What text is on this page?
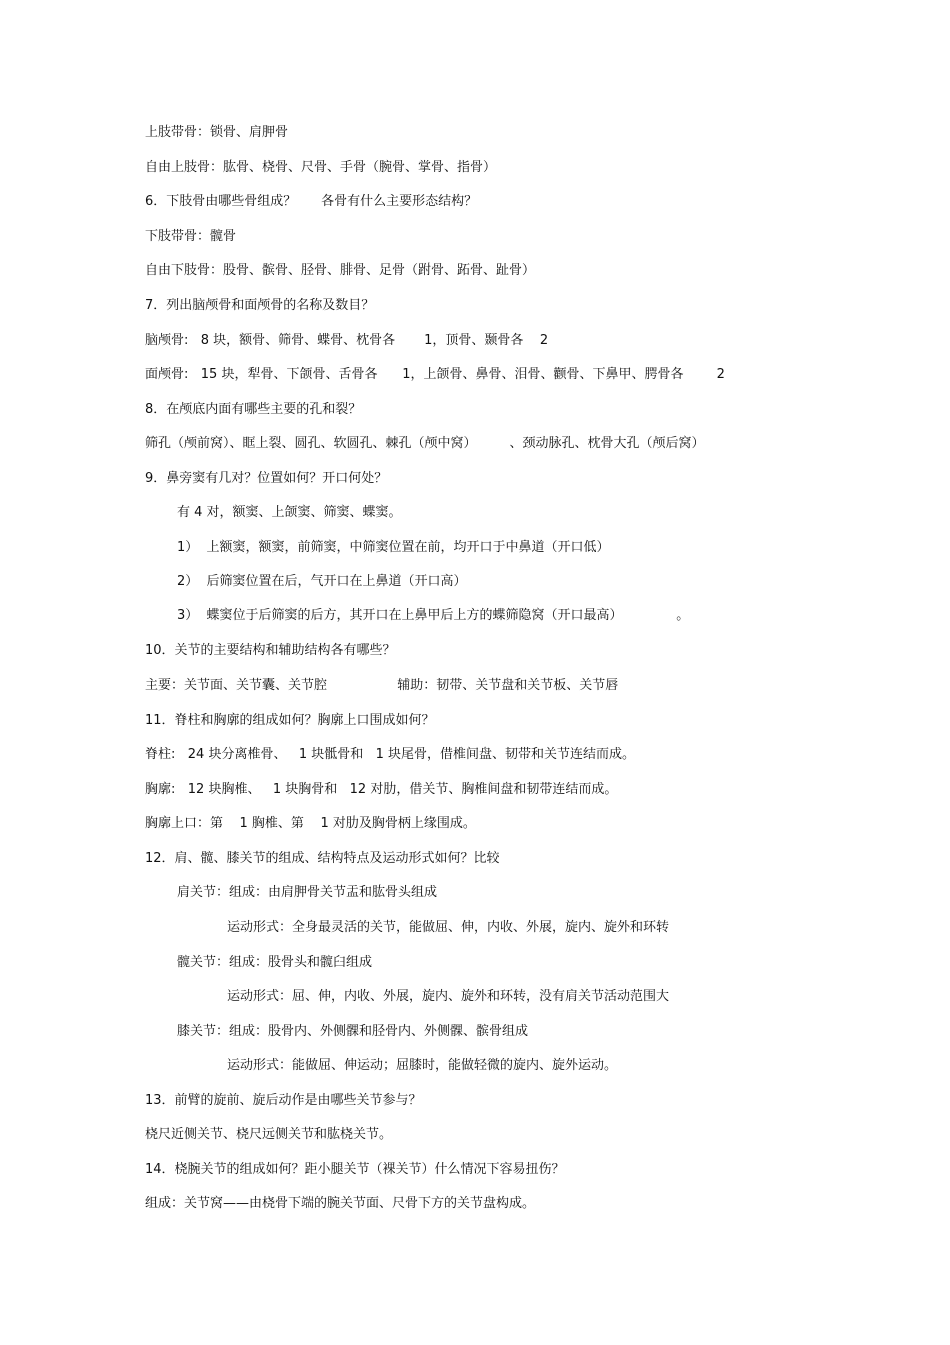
上肢带骨：锁骨、肩胛骨
自由上肢骨：肱骨、桡骨、尺骨、手骨（腕骨、掌骨、指骨）
6．下肢骨由哪些骨组成？      各骨有什么主要形态结构？
下肢带骨：髋骨
自由下肢骨：股骨、髌骨、胫骨、腓骨、足骨（跗骨、跖骨、趾骨）
7．列出脑颅骨和面颅骨的名称及数目？
脑颅骨:   8 块，额骨、筛骨、蝶骨、枕骨各       1，顶骨、颞骨各    2
面颅骨:   15 块，犁骨、下颌骨、舌骨各      1，上颌骨、鼻骨、泪骨、颧骨、下鼻甲、腭骨各        2
8．在颅底内面有哪些主要的孔和裂？
筛孔（颅前窝）、眶上裂、圆孔、软圆孔、棘孔（颅中窝）        、颈动脉孔、枕骨大孔（颅后窝）
9．鼻旁窦有几对？位置如何？开口何处？
有 4 对，额窦、上颌窦、筛窦、蝶窦。
1）  上额窦，额窦，前筛窦，中筛窦位置在前，均开口于中鼻道（开口低）
2）  后筛窦位置在后，气开口在上鼻道（开口高）
3）  蝶窦位于后筛窦的后方，其开口在上鼻甲后上方的蝶筛隐窝（开口最高）             。
10．关节的主要结构和辅助结构各有哪些？
主要：关节面、关节囊、关节腔                 辅助：韧带、关节盘和关节板、关节唇
11．脊柱和胸廓的组成如何？胸廓上口围成如何？
脊柱:   24 块分离椎骨、   1 块骶骨和   1 块尾骨，借椎间盘、韧带和关节连结而成。
胸廓:   12 块胸椎、   1 块胸骨和   12 对肋，借关节、胸椎间盘和韧带连结而成。
胸廓上口：第    1 胸椎、第    1 对肋及胸骨柄上缘围成。
12．肩、髋、膝关节的组成、结构特点及运动形式如何？比较
肩关节：组成：由肩胛骨关节盂和肱骨头组成
运动形式：全身最灵活的关节，能做屈、伸，内收、外展，旋内、旋外和环转
髋关节：组成：股骨头和髋臼组成
运动形式：屈、伸，内收、外展，旋内、旋外和环转，没有肩关节活动范围大
膝关节：组成：股骨内、外侧髁和胫骨内、外侧髁、髌骨组成
运动形式：能做屈、伸运动；屈膝时，能做轻微的旋内、旋外运动。
13．前臂的旋前、旋后动作是由哪些关节参与？
桡尺近侧关节、桡尺远侧关节和肱桡关节。
14．桡腕关节的组成如何？距小腿关节（裸关节）什么情况下容易扭伤？
组成：关节窝——由桡骨下端的腕关节面、尺骨下方的关节盘构成。
